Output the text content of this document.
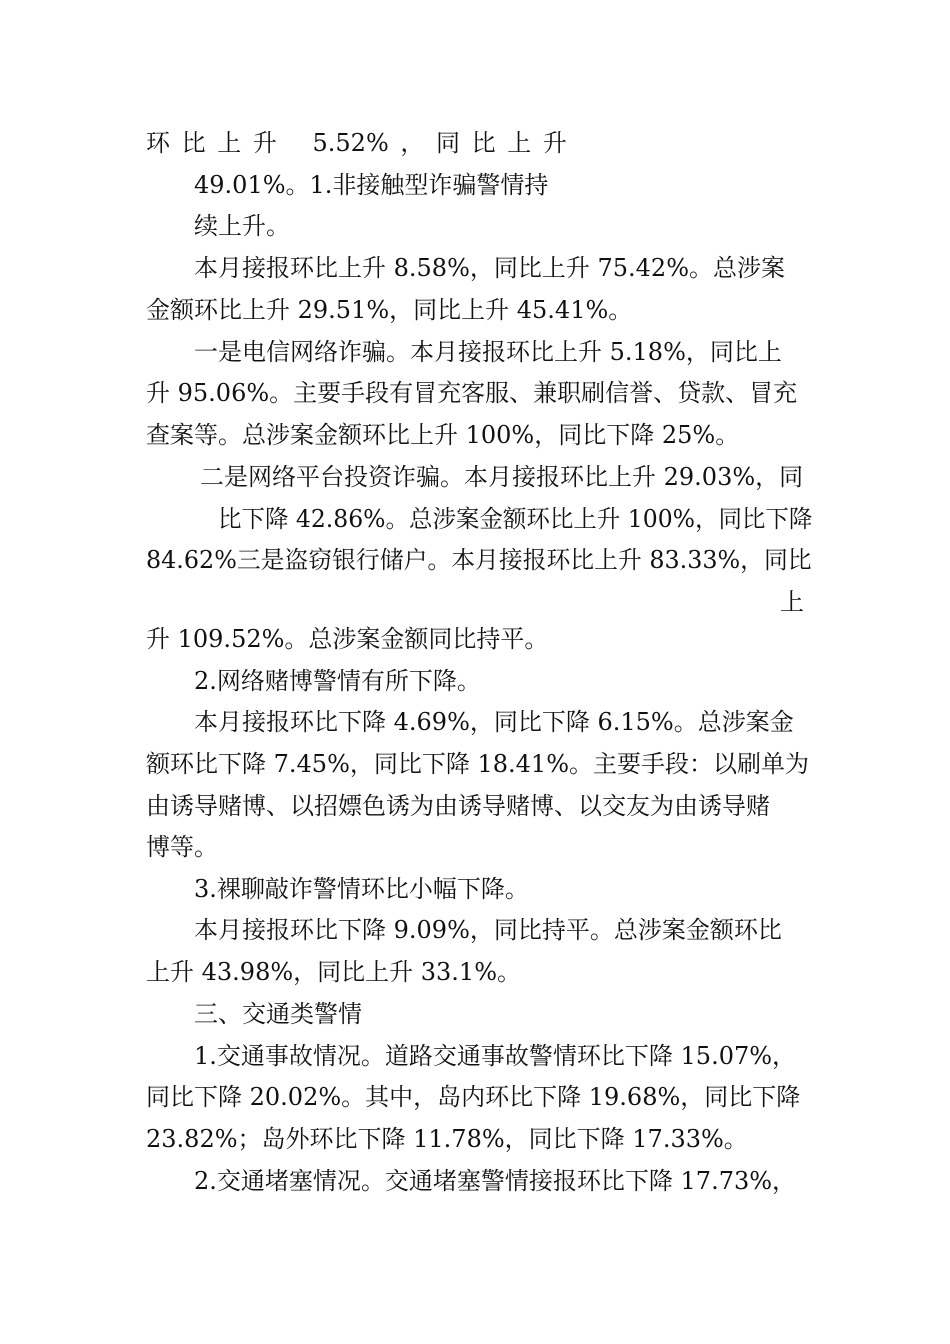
环 比 上 升　 5.52% ， 同 比 上 升
49.01%。1.非接触型诈骗警情持
续上升。
本月接报环比上升 8.58%，同比上升 75.42%。总涉案
金额环比上升 29.51%，同比上升 45.41%。
一是电信网络诈骗。本月接报环比上升 5.18%，同比上
升 95.06%。主要手段有冒充客服、兼职刷信誉、贷款、冒充
查案等。总涉案金额环比上升 100%，同比下降 25%。
二是网络平台投资诈骗。本月接报环比上升 29.03%，同
比下降 42.86%。总涉案金额环比上升 100%，同比下降
84.62%三是盗窃银行储户。本月接报环比上升 83.33%，同比
上
升 109.52%。总涉案金额同比持平。
2.网络赌博警情有所下降。
本月接报环比下降 4.69%，同比下降 6.15%。总涉案金
额环比下降 7.45%，同比下降 18.41%。主要手段：以刷单为
由诱导赌博、以招嫖色诱为由诱导赌博、以交友为由诱导赌
博等。
3.裸聊敲诈警情环比小幅下降。
本月接报环比下降 9.09%，同比持平。总涉案金额环比
上升 43.98%，同比上升 33.1%。
三、交通类警情
1.交通事故情况。道路交通事故警情环比下降 15.07%，
同比下降 20.02%。其中，岛内环比下降 19.68%，同比下降
23.82%；岛外环比下降 11.78%，同比下降 17.33%。
2.交通堵塞情况。交通堵塞警情接报环比下降 17.73%，
